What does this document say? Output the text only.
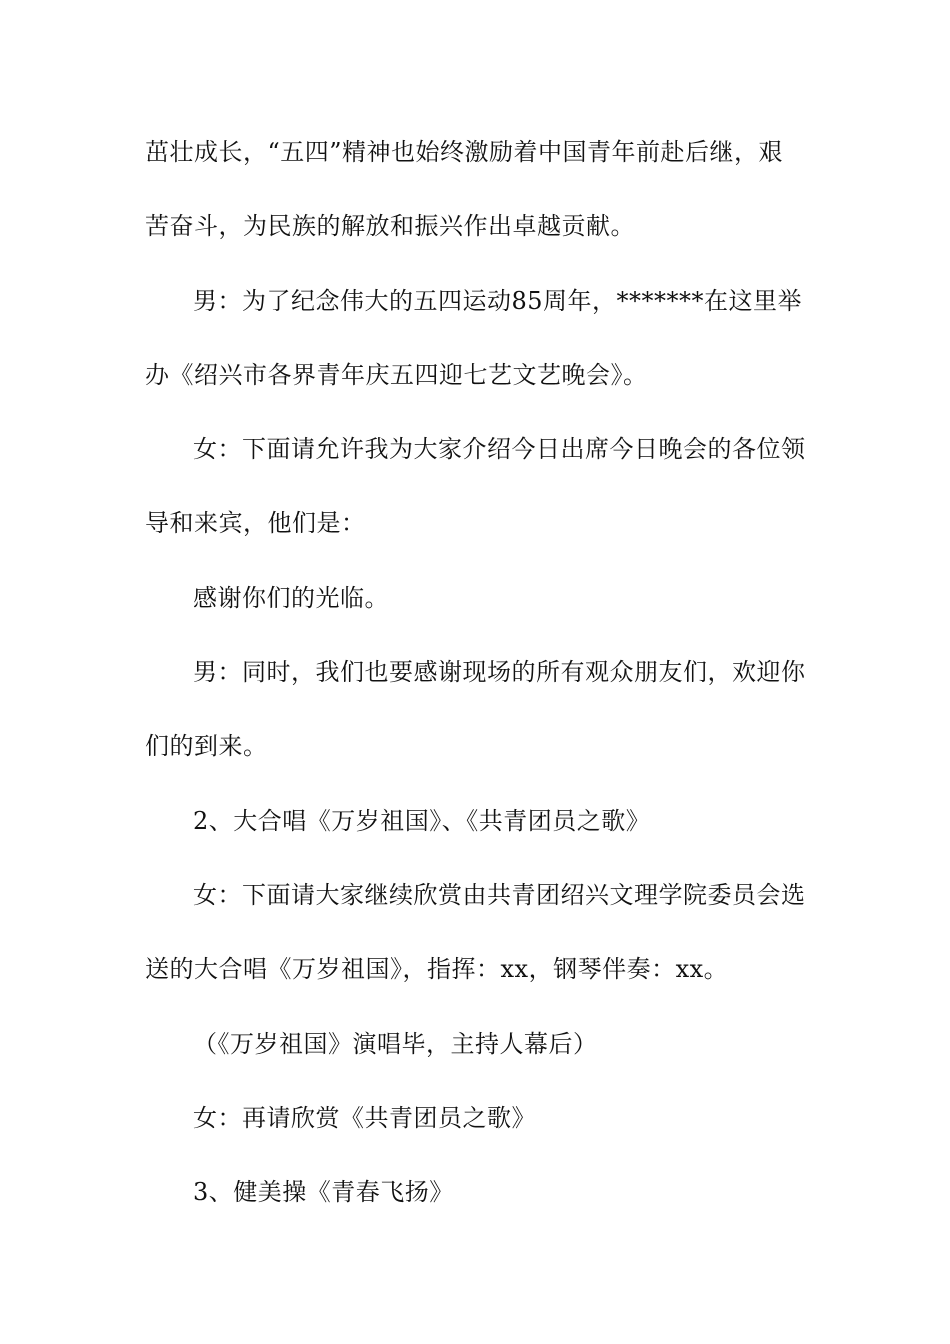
茁壮成长，“五四”精神也始终激励着中国青年前赴后继，艰
苦奋斗，为民族的解放和振兴作出卓越贡献。
男：为了纪念伟大的五四运动85周年，*******在这里举
办《绍兴市各界青年庆五四迎七艺文艺晚会》。
女：下面请允许我为大家介绍今日出席今日晚会的各位领
导和来宾，他们是：
感谢你们的光临。
男：同时，我们也要感谢现场的所有观众朋友们，欢迎你
们的到来。
2、大合唱《万岁祖国》、《共青团员之歌》
女：下面请大家继续欣赏由共青团绍兴文理学院委员会选
送的大合唱《万岁祖国》，指挥：xx，钢琴伴奏：xx。
（《万岁祖国》演唱毕，主持人幕后）
女：再请欣赏《共青团员之歌》
3、健美操《青春飞扬》
